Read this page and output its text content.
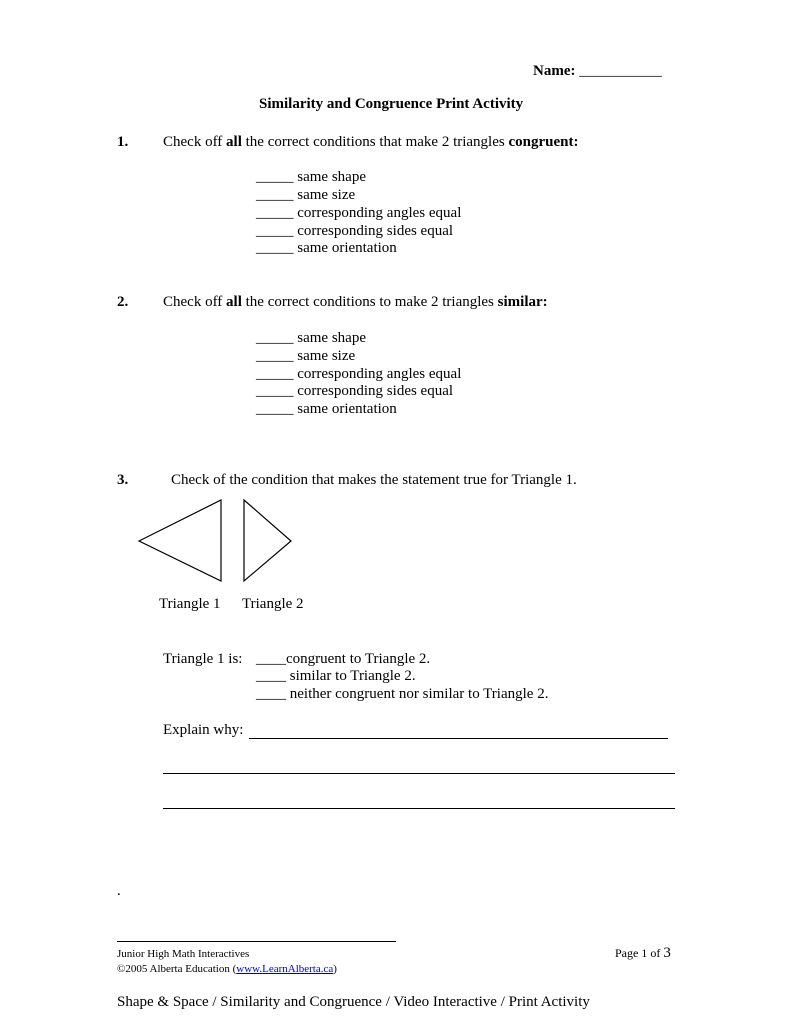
Name: ___________
Similarity and Congruence Print Activity
1. Check off all the correct conditions that make 2 triangles congruent:
_____ same shape
_____ same size
_____ corresponding angles equal
_____ corresponding sides equal
_____ same orientation
2. Check off all the correct conditions to make 2 triangles similar:
_____ same shape
_____ same size
_____ corresponding angles equal
_____ corresponding sides equal
_____ same orientation
3.	Check of the condition that makes the statement true for Triangle 1.
Triangle 1 Triangle 2
Triangle 1 is: ____congruent to Triangle 2.
____ similar to Triangle 2.
____ neither congruent nor similar to Triangle 2.
Explain why:
.
Junior High Math Interactives
©2005 Alberta Education (www.LearnAlberta.ca)
Page 1 of 3
Shape & Space / Similarity and Congruence / Video Interactive / Print Activity
